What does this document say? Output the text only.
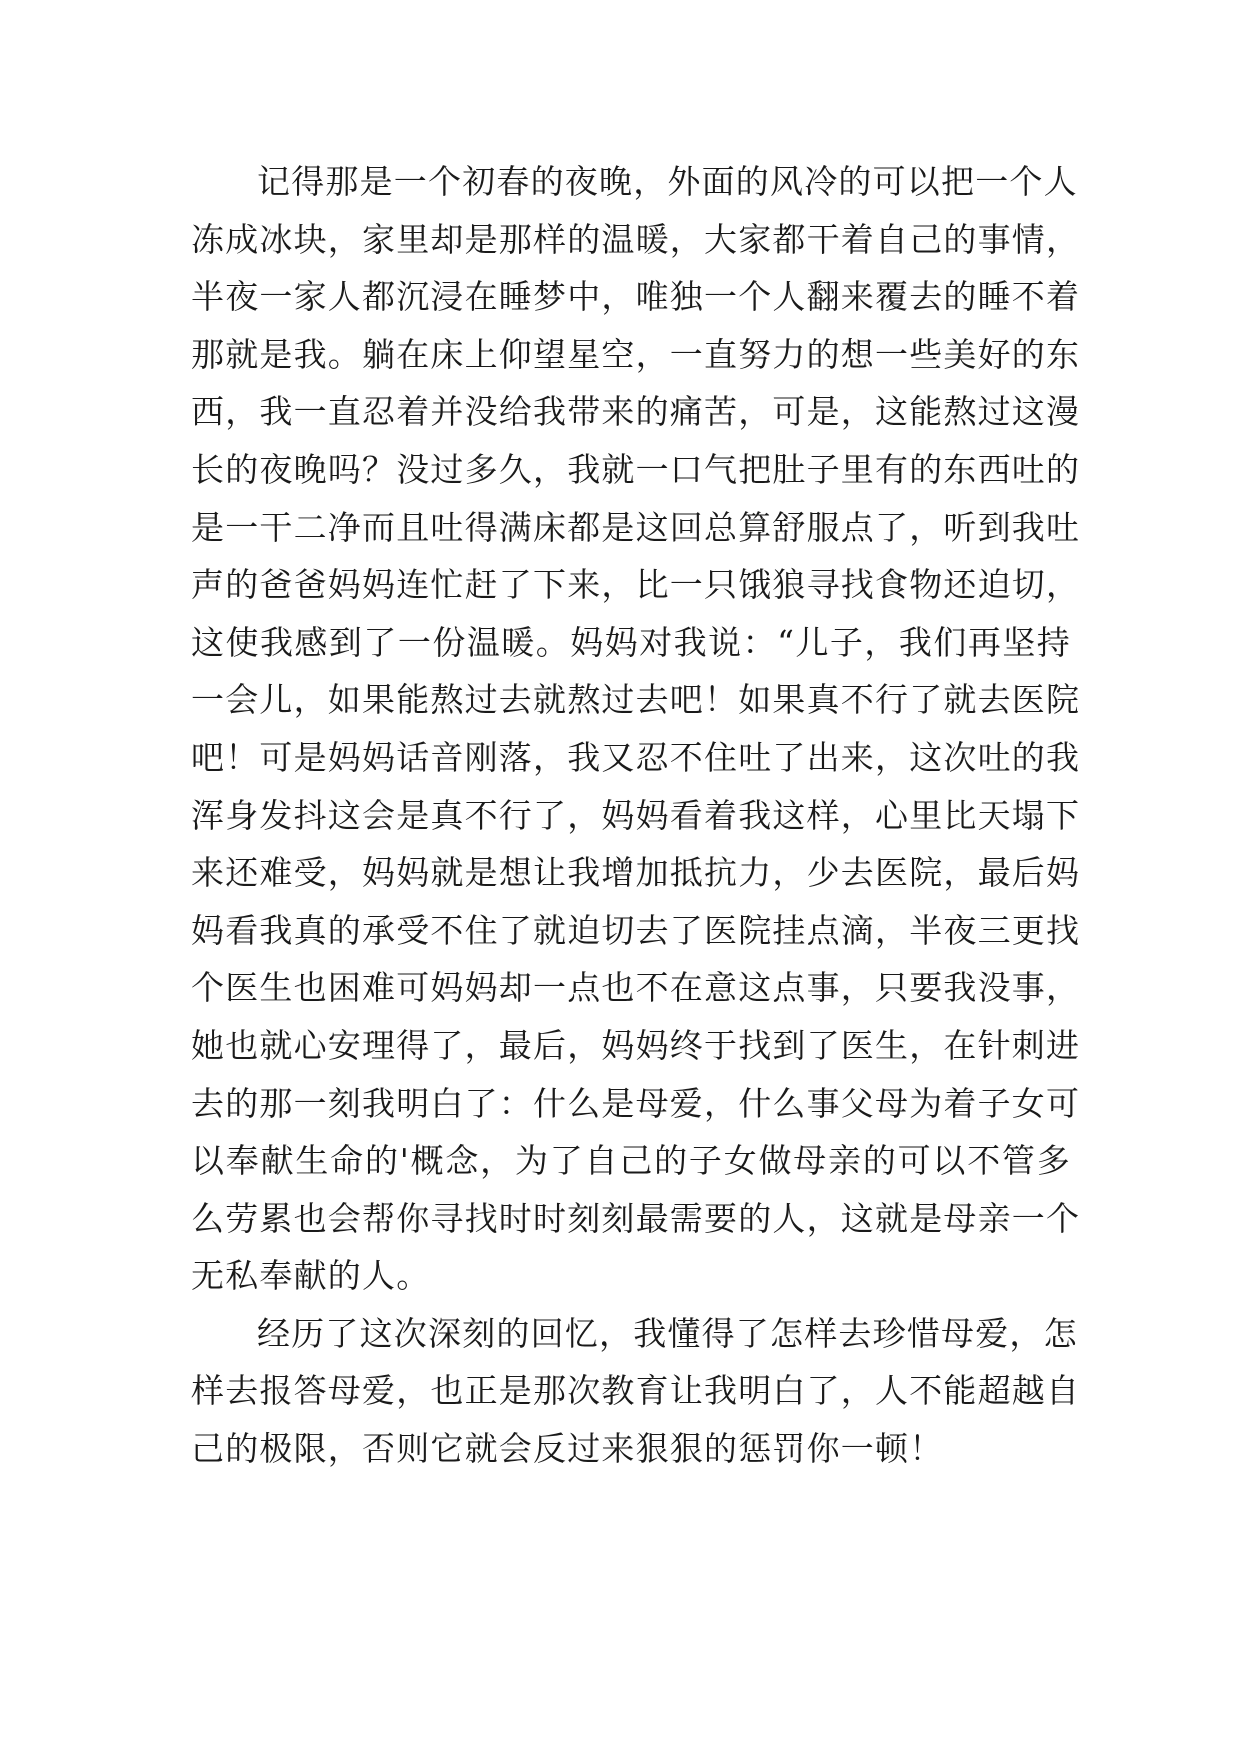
记得那是一个初春的夜晚，外面的风冷的可以把一个人
冻成冰块，家里却是那样的温暖，大家都干着自己的事情，
半夜一家人都沉浸在睡梦中，唯独一个人翻来覆去的睡不着
那就是我。躺在床上仰望星空，一直努力的想一些美好的东
西，我一直忍着并没给我带来的痛苦，可是，这能熬过这漫
长的夜晚吗？没过多久，我就一口气把肚子里有的东西吐的
是一干二净而且吐得满床都是这回总算舒服点了，听到我吐
声的爸爸妈妈连忙赶了下来，比一只饿狼寻找食物还迫切，
这使我感到了一份温暖。妈妈对我说：“儿子，我们再坚持
一会儿，如果能熬过去就熬过去吧！如果真不行了就去医院
吧！可是妈妈话音刚落，我又忍不住吐了出来，这次吐的我
浑身发抖这会是真不行了，妈妈看着我这样，心里比天塌下
来还难受，妈妈就是想让我增加抵抗力，少去医院，最后妈
妈看我真的承受不住了就迫切去了医院挂点滴，半夜三更找
个医生也困难可妈妈却一点也不在意这点事，只要我没事，
她也就心安理得了，最后，妈妈终于找到了医生，在针刺进
去的那一刻我明白了：什么是母爱，什么事父母为着子女可
以奉献生命的'概念，为了自己的子女做母亲的可以不管多
么劳累也会帮你寻找时时刻刻最需要的人，这就是母亲一个
无私奉献的人。
经历了这次深刻的回忆，我懂得了怎样去珍惜母爱，怎
样去报答母爱，也正是那次教育让我明白了，人不能超越自
己的极限，否则它就会反过来狠狠的惩罚你一顿！
